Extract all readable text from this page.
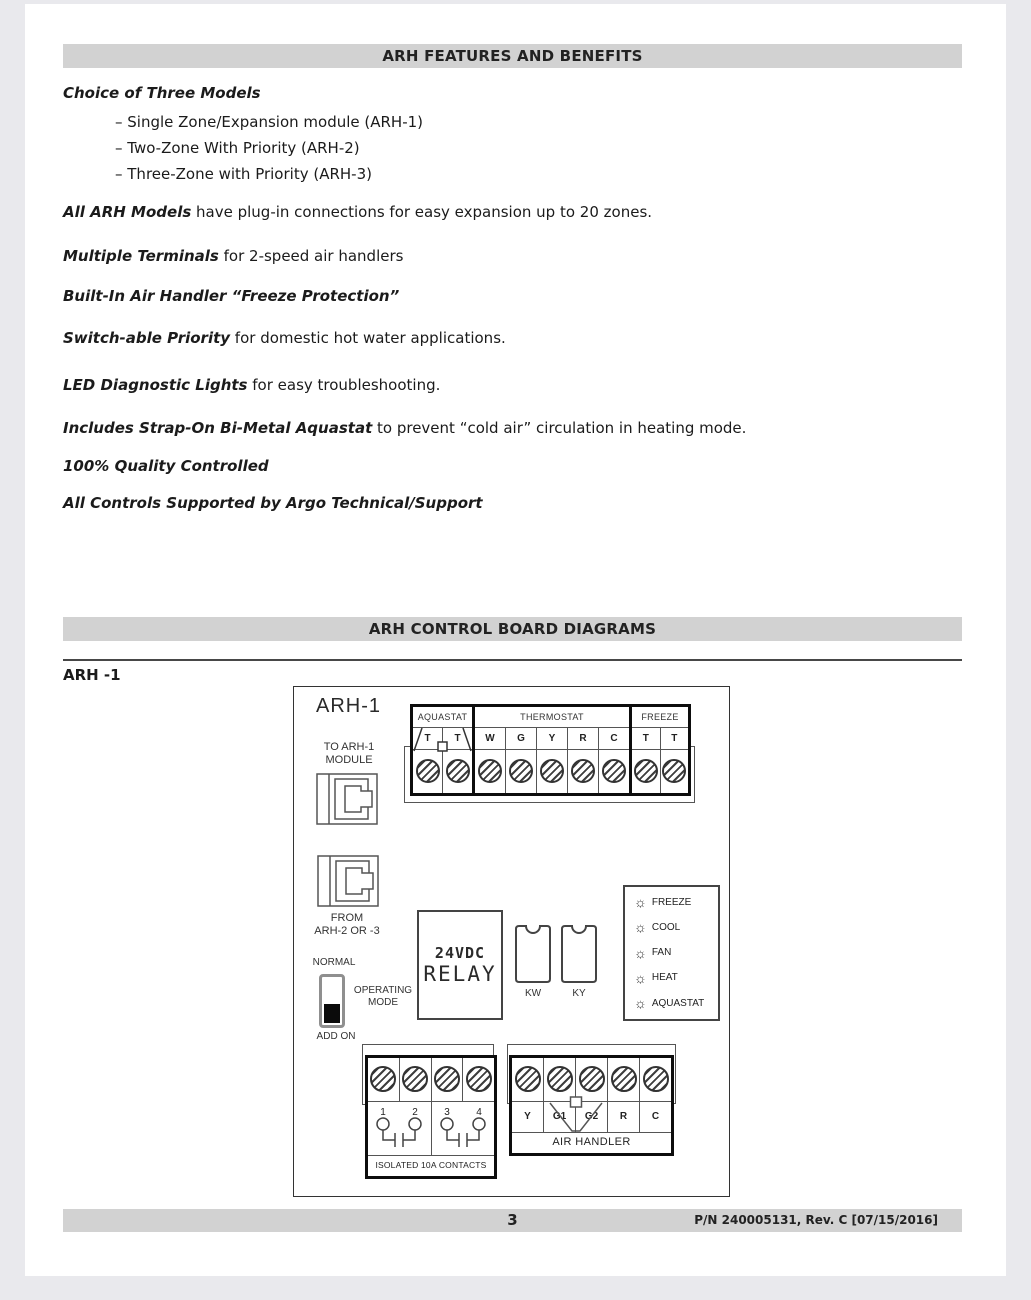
ARH FEATURES AND BENEFITS
Choice of Three Models
– Single Zone/Expansion module (ARH-1)
– Two-Zone With Priority (ARH-2)
– Three-Zone with Priority (ARH-3)

All ARH Models have plug-in connections for easy expansion up to 20 zones.

Multiple Terminals for 2-speed air handlers

Built-In Air Handler “Freeze Protection”

Switch-able Priority for domestic hot water applications.

LED Diagnostic Lights for easy troubleshooting.

Includes Strap-On Bi-Metal Aquastat to prevent “cold air” circulation in heating mode.

100% Quality Controlled

All Controls Supported by Argo Technical/Support

ARH CONTROL BOARD DIAGRAMS
ARH -1
ARH-1
TO ARH-1
MODULE
FROM
ARH-2 OR -3
AQUASTAT
T	T
THERMOSTAT
W	G	Y	R	C
FREEZE
T	T
NORMAL
OPERATING
MODE
ADD ON
24VDC
RELAY
KW	KY
☼ FREEZE
☼ COOL
☼ FAN
☼ HEAT
☼ AQUASTAT
1	2	3	4
ISOLATED 10A CONTACTS
Y	G1	G2	R	C
AIR HANDLER
3	P/N 240005131, Rev. C [07/15/2016]
